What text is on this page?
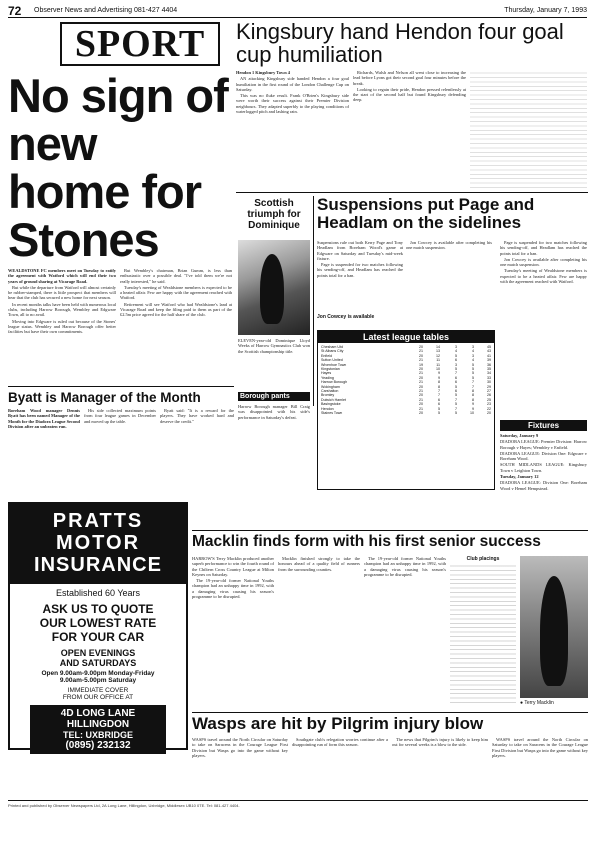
72 Observer News and Advertising 081-427 4404	Thursday, January 7, 1993
SPORT
No sign of new home for Stones

WEALDSTONE FC members meet on Tuesday to ratify the agreement with Watford which will end their two years of ground sharing at Vicarage Road.

But while the departure from Watford will almost certainly be rubber-stamped, there is little prospect that members will hear that the club has secured a new home for next season.

In recent months talks have been held with numerous local clubs, including Harrow Borough, Wembley and Edgware Town, all to no avail.

Moving into Edgware is ruled out because of the Stones' league status. Wembley and Harrow Borough offer better facilities but have their own commitments.

But Wembley's chairman, Brian Gumm, is less than enthusiastic over a possible deal. "I've told them we're not really interested," he said.

Tuesday's meeting of Wealdstone members is expected to be a heated affair. Few are happy with the agreement reached with Watford.

Retirement will see Watford who had Wealdstone's land at Vicarage Road and keep the filing paid to them as part of the £2.5m price agreed for the half share of the club.

Kingsbury hand Hendon four goal cup humiliation

Hendon 1 Kingsbury Town 4

AN attacking Kingsbury side handed Hendon a four goal humiliation in the first round of the London Challenge Cup on Saturday.

This was no fluke result. Frank O'Brien's Kingsbury side were worth their success against their Premier Division neighbours. They adapted superbly to the playing conditions of waterlogged pitch and lashing rain.

Richards, Walsh and Nelson all went close to increasing the lead before Lyons got their second goal four minutes before the break.

Looking to regain their pride, Hendon pressed relentlessly at the start of the second half but found Kingsbury defending deep.

Scottish triumph for Dominique
ELEVEN-year-old Dominique Lloyd Weeks of Harrow Gymnastics Club won the Scottish championship title.
Suspensions put Page and Headlam on the sidelines

Suspensions rule out both Kerry Page and Tony Headlam from Boreham Wood's game at Edgware on Saturday and Tuesday's mid-week fixture.

Page is suspended for two matches following his sending-off, and Headlam has reached the points total for a ban.

Jon Cowcey is available after completing his one match suspension.

Jon Cowcey is available
Latest league tables
Chesham Utd	20	14	3	3	45
St Albans City	21	13	4	4	43
Enfield	20	12	5	3	41
Sutton United	21	11	6	4	39
Wivenhoe Town	19	11	3	5	36
Kingstonian	20	10	5	5	35
Hayes	21	9	7	5	34
Yeading	20	9	6	5	33
Harrow Borough	21	8	6	7	30
Wokingham	20	8	5	7	29
Carshalton	21	7	6	8	27
Bromley	20	7	5	8	26
Dulwich Hamlet	21	6	7	8	25
Basingstoke	20	6	5	9	23
Hendon	21	5	7	9	22
Staines Town	20	5	5	10	20

Page is suspended for two matches following his sending-off, and Headlam has reached the points total for a ban.

Jon Cowcey is available after completing his one match suspension.

Tuesday's meeting of Wealdstone members is expected to be a heated affair. Few are happy with the agreement reached with Watford.

Fixtures

Saturday, January 9

DIADORA LEAGUE: Premier Division: Harrow Borough v Hayes; Wembley v Enfield.

DIADORA LEAGUE: Division One: Edgware v Boreham Wood.

SOUTH MIDLANDS LEAGUE: Kingsbury Town v Leighton Town.

Tuesday, January 12

DIADORA LEAGUE: Division One: Boreham Wood v Hemel Hempstead.

Borough pants
Harrow Borough manager Bill Craig was disappointed with his side's performance in Saturday's defeat.
Byatt is Manager of the Month

Boreham Wood manager Dennis Byatt has been named Manager of the Month for the Diadora League Second Division after an unbeaten run.

His side collected maximum points from four league games in December and moved up the table.

Byatt said: "It is a reward for the players. They have worked hard and deserve the credit."

PRATTS
MOTOR
INSURANCE
Established 60 Years
ASK US TO QUOTE
OUR LOWEST RATE
FOR YOUR CAR
OPEN EVENINGS
AND SATURDAYS
Open 9.00am-9.00pm Monday-Friday
9.00am-5.00pm Saturday
IMMEDIATE COVER
FROM OUR OFFICE AT
4D LONG LANE
HILLINGDON
TEL: UXBRIDGE
(0895) 232132
Macklin finds form with his first senior success

HARROW'S Terry Macklin produced another superb performance to win the fourth round of the Chiltern Cross Country League at Milton Keynes on Saturday.

The 19-year-old former National Youths champion had an unhappy time in 1992, with a damaging virus causing his season's programme to be disrupted.

Macklin finished strongly to take the honours ahead of a quality field of runners from the surrounding counties.

The 19-year-old former National Youths champion had an unhappy time in 1992, with a damaging virus causing his season's programme to be disrupted.

Club placings
● Terry Macklin
Wasps are hit by Pilgrim injury blow

WASPS travel around the North Circular on Saturday to take on Saracens in the Courage League First Division but Wasps go into the game without key players.

Southgate club's relegation worries continue after a disappointing run of form this season.

The news that Pilgrim's injury is likely to keep him out for several weeks is a blow to the side.

WASPS travel around the North Circular on Saturday to take on Saracens in the Courage League First Division but Wasps go into the game without key players.

Printed and published by Observer Newspapers Ltd, 2A Long Lane, Hillingdon, Uxbridge, Middlesex UB10 0TE. Tel: 081-427 4404.
